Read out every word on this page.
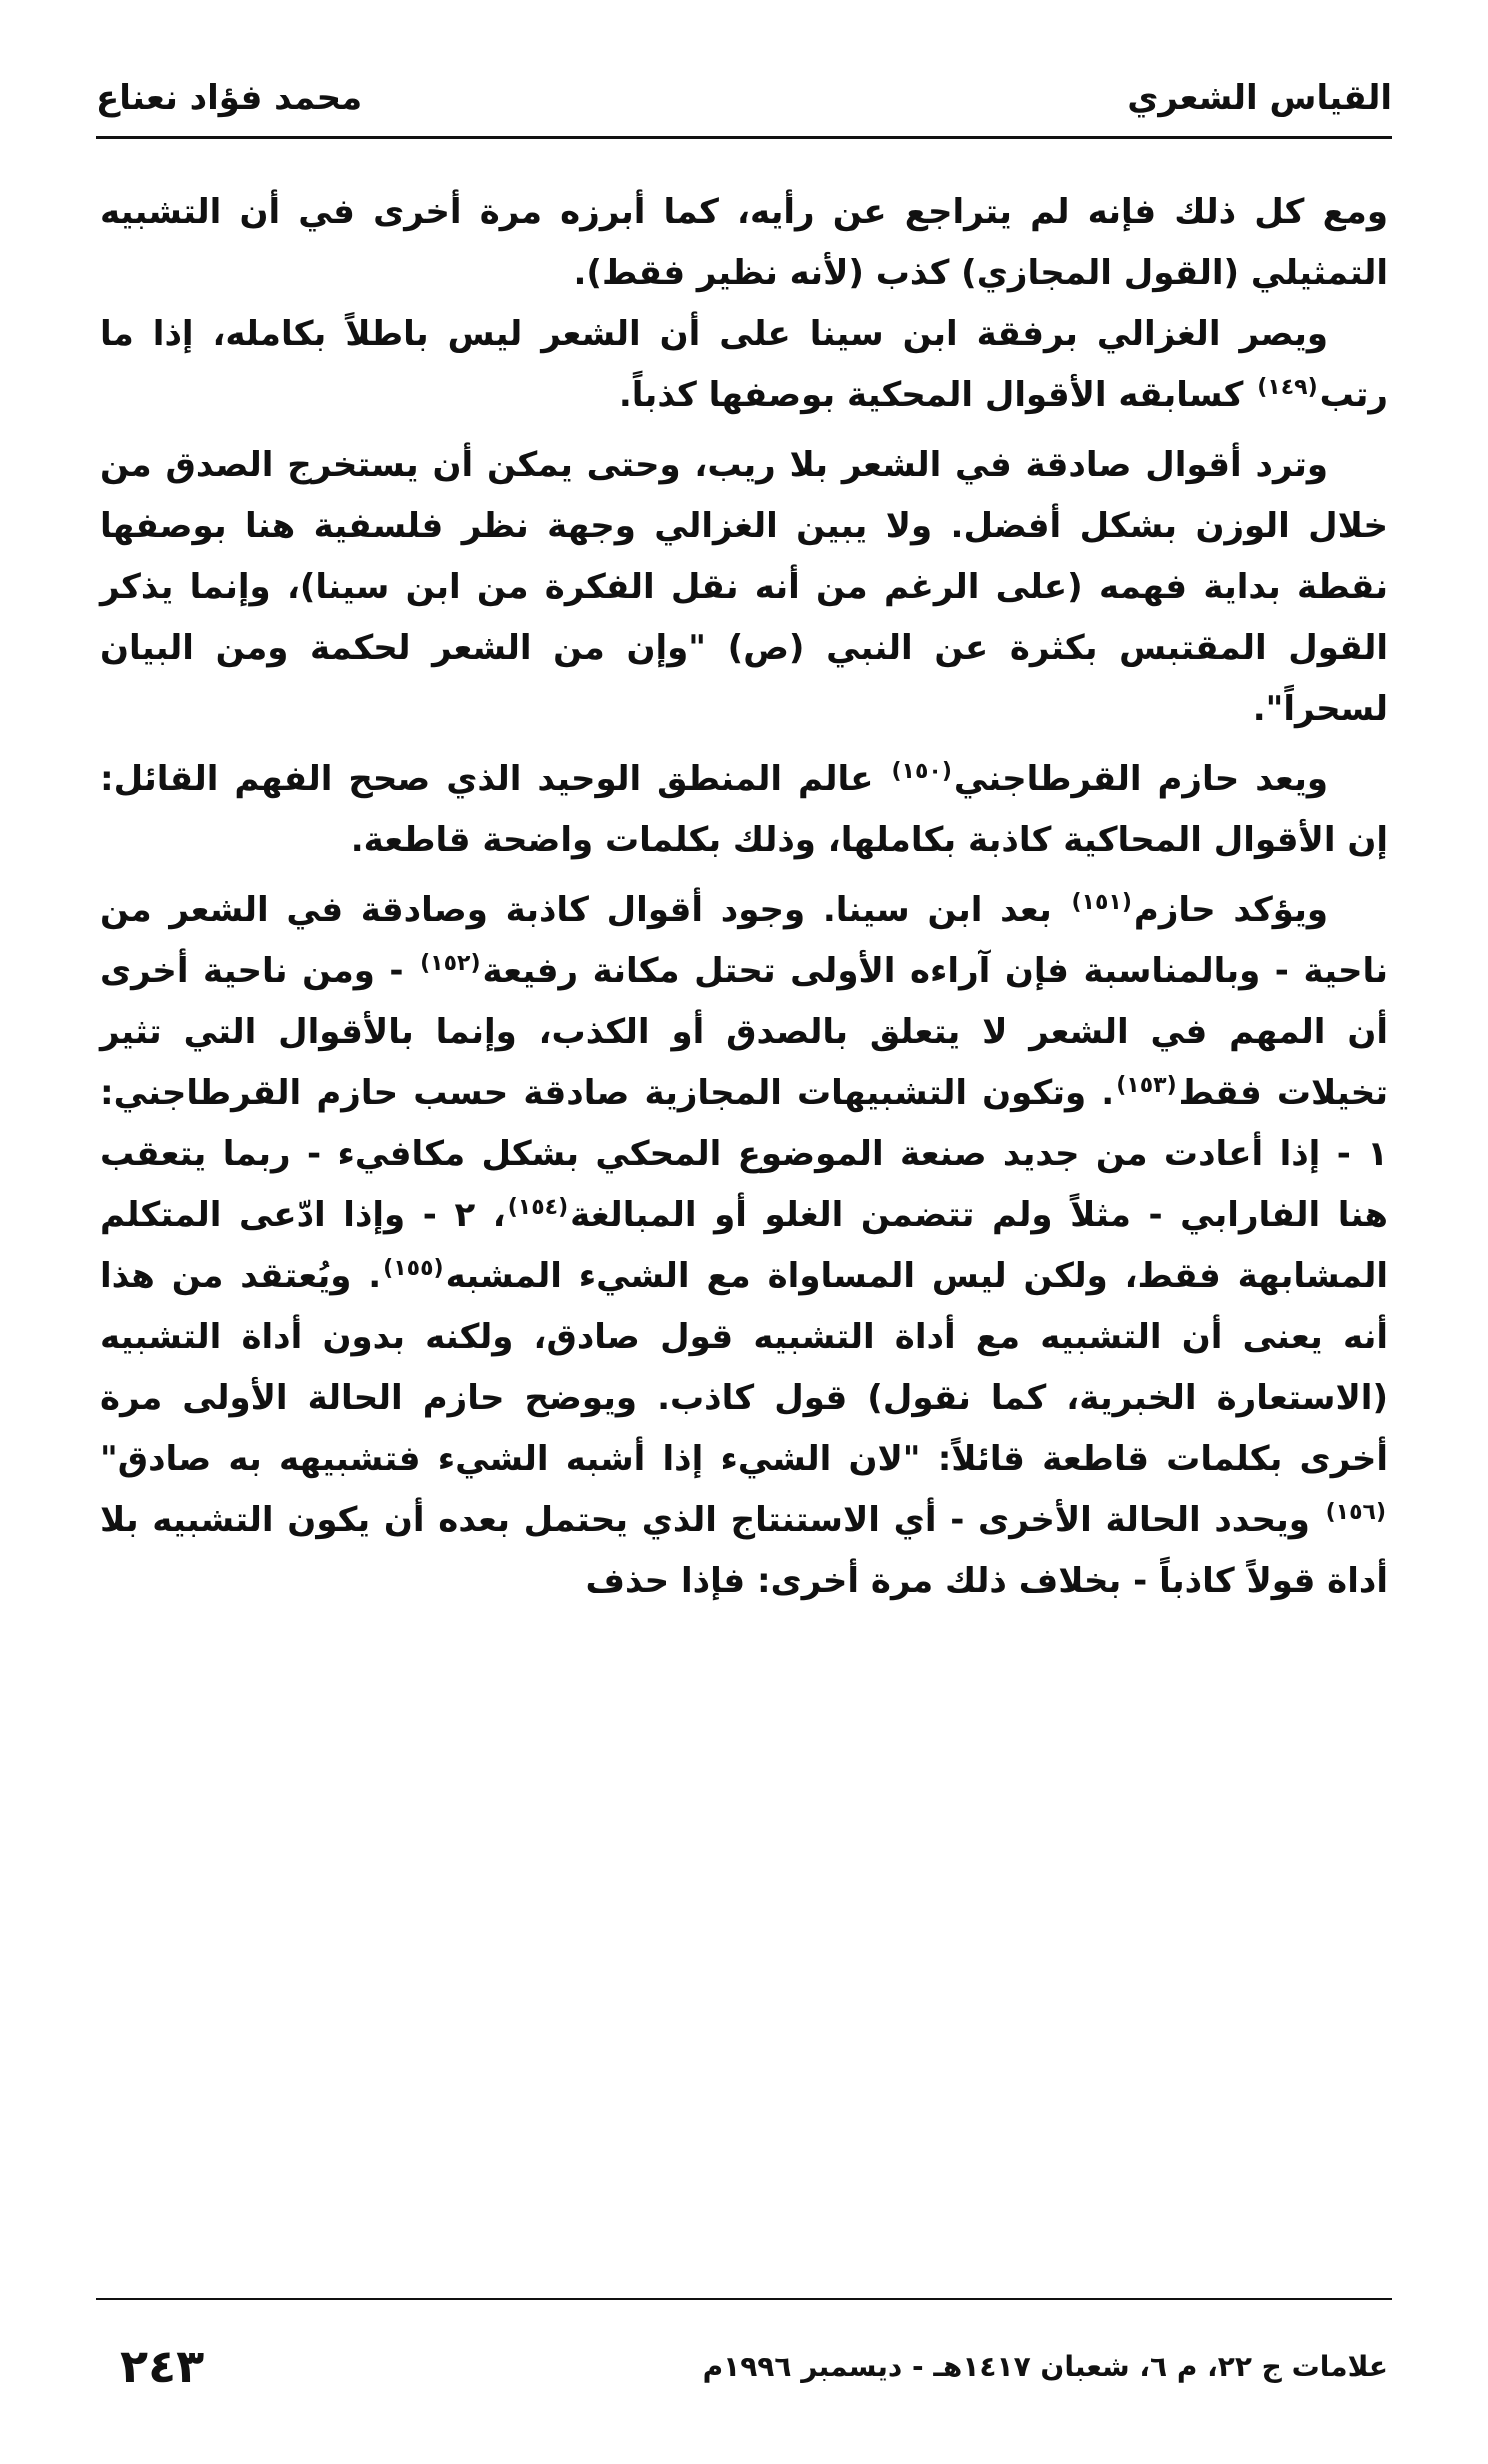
القياس الشعري
محمد فؤاد نعناع

ومع كل ذلك فإنه لم يتراجع عن رأيه، كما أبرزه مرة أخرى في أن التشبيه التمثيلي (القول المجازي) كذب (لأنه نظير فقط).

ويصر الغزالي برفقة ابن سينا على أن الشعر ليس باطلاً بكامله، إذا ما رتب$^{(١٤٩)}$ كسابقه الأقوال المحكية بوصفها كذباً.

وترد أقوال صادقة في الشعر بلا ريب، وحتى يمكن أن يستخرج الصدق من خلال الوزن بشكل أفضل. ولا يبين الغزالي وجهة نظر فلسفية هنا بوصفها نقطة بداية فهمه (على الرغم من أنه نقل الفكرة من ابن سينا)، وإنما يذكر القول المقتبس بكثرة عن النبي (ص) "وإن من الشعر لحكمة ومن البيان لسحراً".

ويعد حازم القرطاجني$^{(١٥٠)}$ عالم المنطق الوحيد الذي صحح الفهم القائل: إن الأقوال المحاكية كاذبة بكاملها، وذلك بكلمات واضحة قاطعة.

ويؤكد حازم$^{(١٥١)}$ بعد ابن سينا. وجود أقوال كاذبة وصادقة في الشعر من ناحية - وبالمناسبة فإن آراءه الأولى تحتل مكانة رفيعة$^{(١٥٢)}$ - ومن ناحية أخرى أن المهم في الشعر لا يتعلق بالصدق أو الكذب، وإنما بالأقوال التي تثير تخيلات فقط$^{(١٥٣)}$. وتكون التشبيهات المجازية صادقة حسب حازم القرطاجني: ١ - إذا أعادت من جديد صنعة الموضوع المحكي بشكل مكافيء - ربما يتعقب هنا الفارابي - مثلاً ولم تتضمن الغلو أو المبالغة$^{(١٥٤)}$، ٢ - وإذا ادّعى المتكلم المشابهة فقط، ولكن ليس المساواة مع الشيء المشبه$^{(١٥٥)}$. ويُعتقد من هذا أنه يعنى أن التشبيه مع أداة التشبيه قول صادق، ولكنه بدون أداة التشبيه (الاستعارة الخبرية، كما نقول) قول كاذب. ويوضح حازم الحالة الأولى مرة أخرى بكلمات قاطعة قائلاً: "لان الشيء إذا أشبه الشيء فتشبيهه به صادق"$^{(١٥٦)}$ ويحدد الحالة الأخرى - أي الاستنتاج الذي يحتمل بعده أن يكون التشبيه بلا أداة قولاً كاذباً - بخلاف ذلك مرة أخرى: فإذا حذف

علامات ج ٢٢، م ٦، شعبان ١٤١٧هـ - ديسمبر ١٩٩٦م
٢٤٣
